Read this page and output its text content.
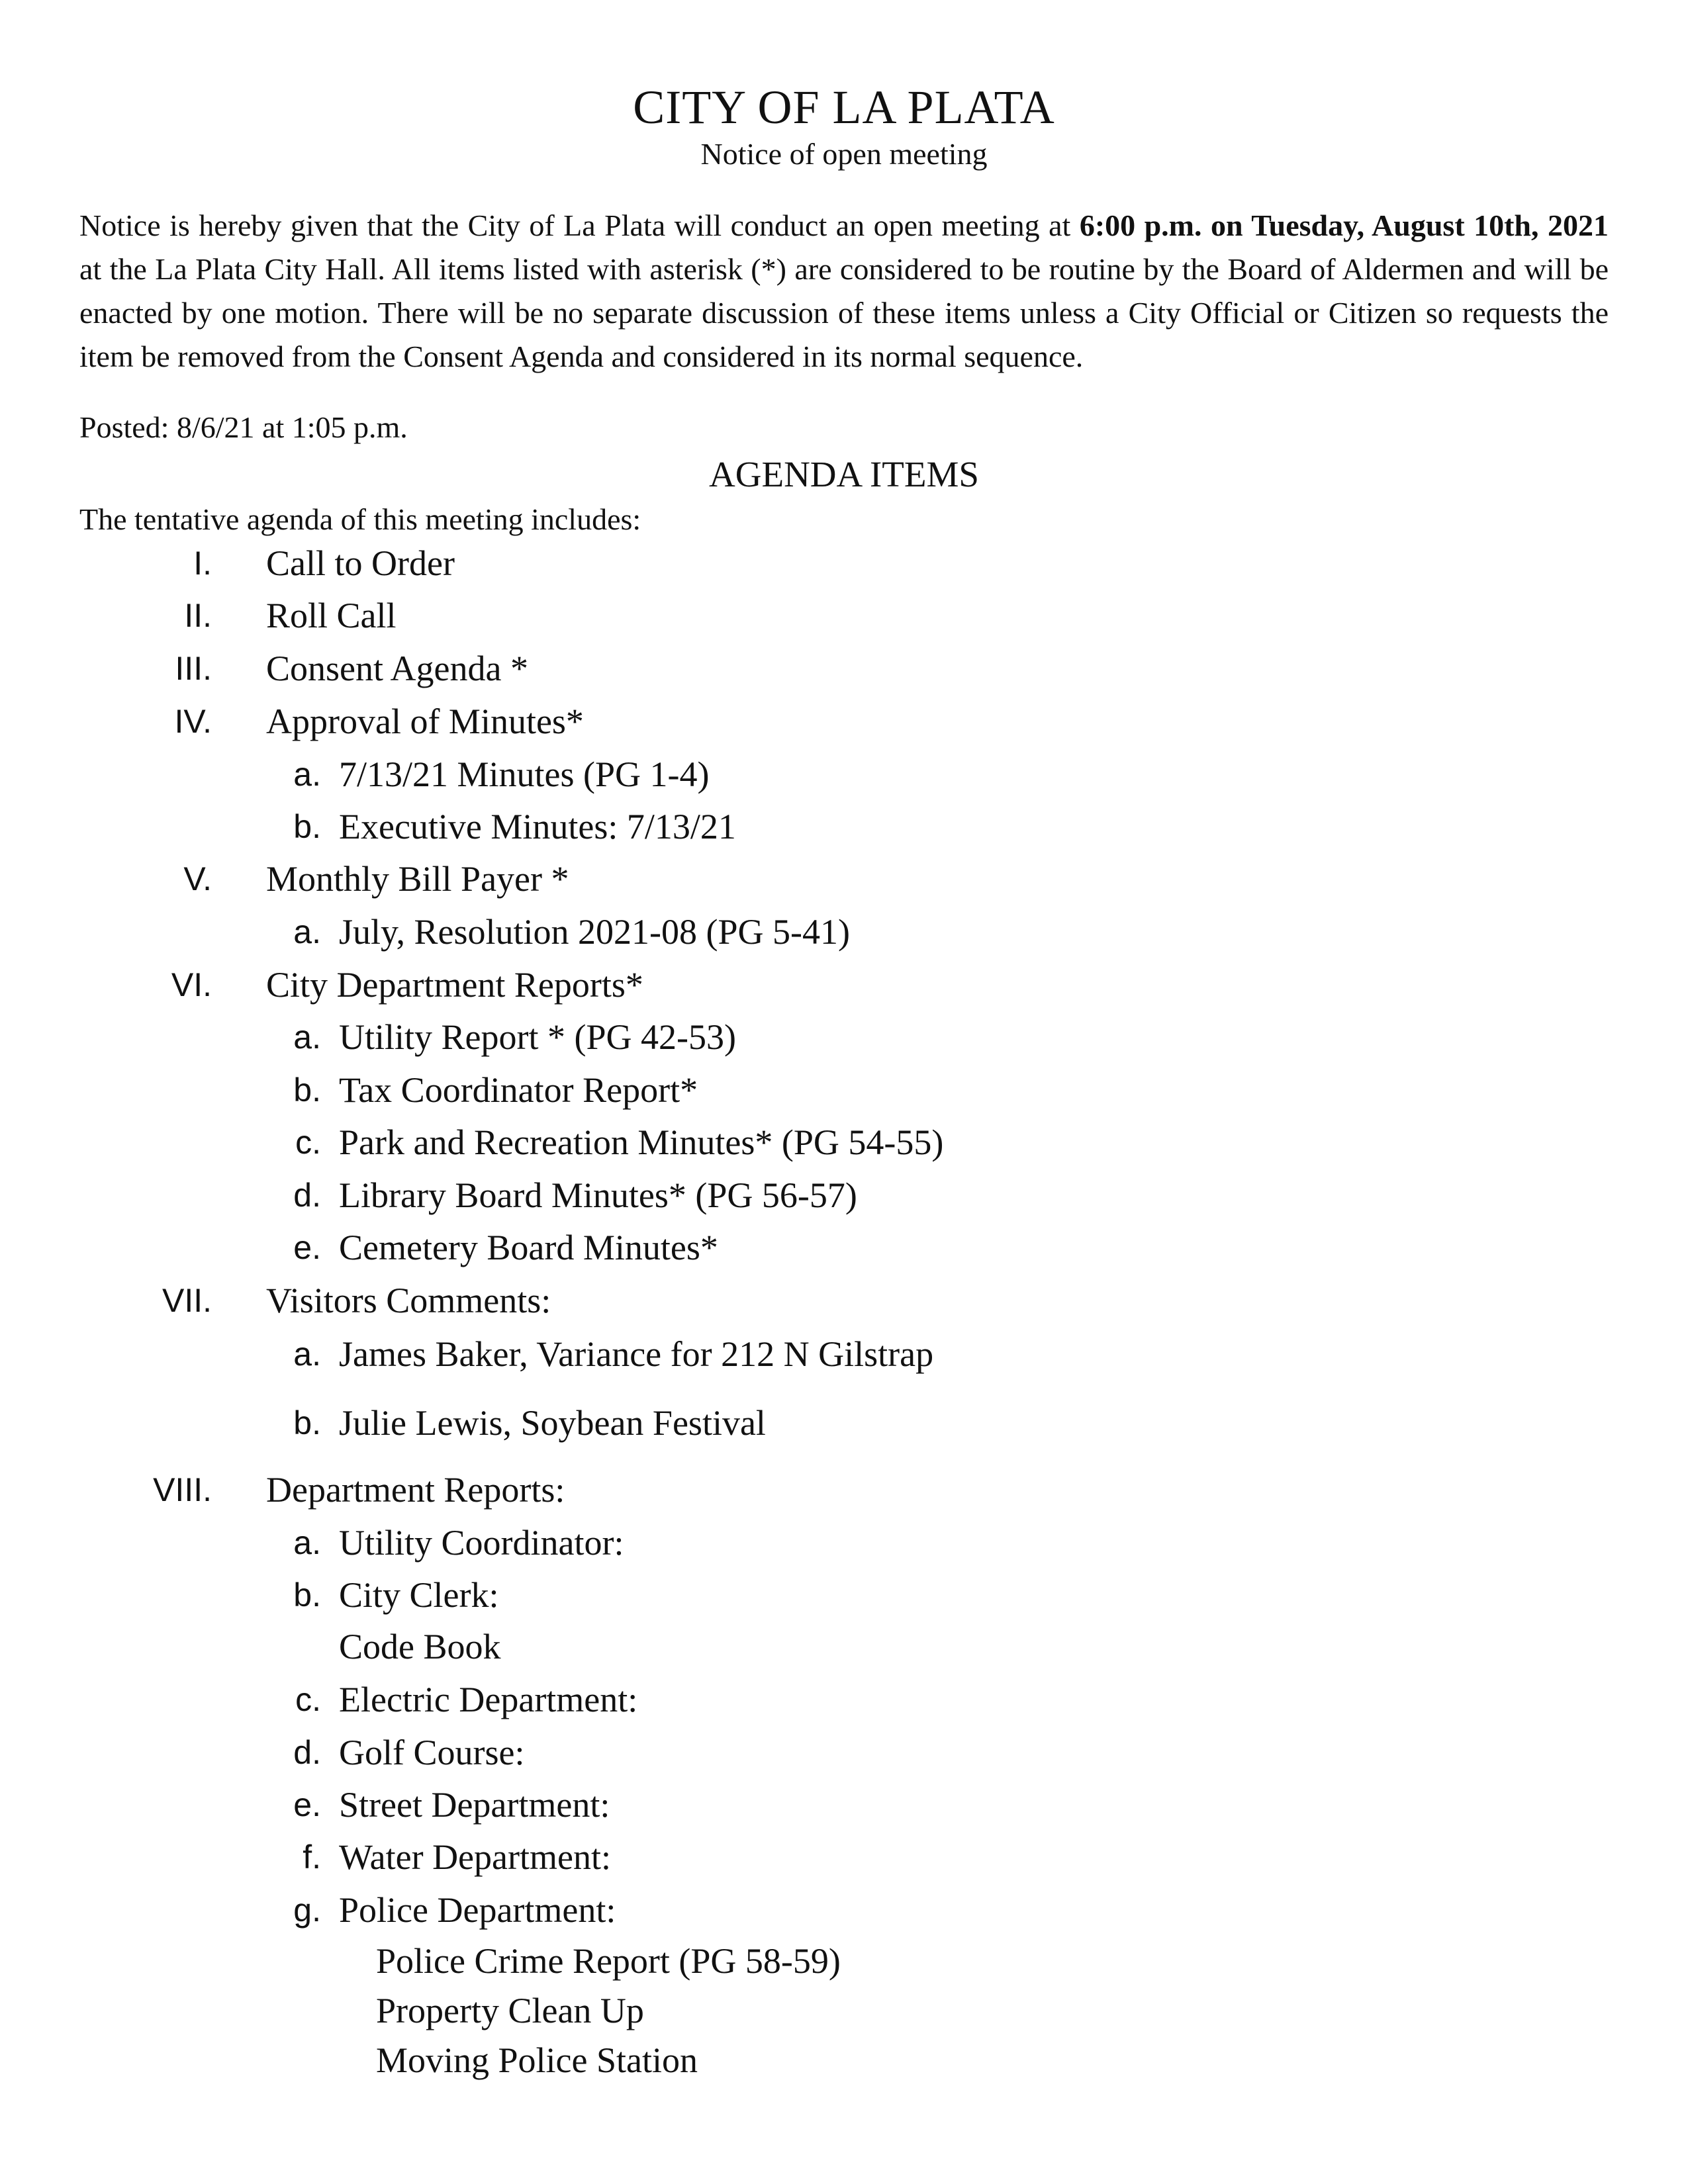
CITY OF LA PLATA
Notice of open meeting
Notice is hereby given that the City of La Plata will conduct an open meeting at 6:00 p.m. on Tuesday, August 10th, 2021 at the La Plata City Hall. All items listed with asterisk (*) are considered to be routine by the Board of Aldermen and will be enacted by one motion. There will be no separate discussion of these items unless a City Official or Citizen so requests the item be removed from the Consent Agenda and considered in its normal sequence.
Posted: 8/6/21 at 1:05 p.m.
AGENDA ITEMS
The tentative agenda of this meeting includes:
I. Call to Order
II. Roll Call
III. Consent Agenda *
IV. Approval of Minutes*
a. 7/13/21 Minutes (PG 1-4)
b. Executive Minutes: 7/13/21
V. Monthly Bill Payer *
a. July, Resolution 2021-08 (PG 5-41)
VI. City Department Reports*
a. Utility Report * (PG 42-53)
b. Tax Coordinator Report*
c. Park and Recreation Minutes* (PG 54-55)
d. Library Board Minutes* (PG 56-57)
e. Cemetery Board Minutes*
VII. Visitors Comments:
a. James Baker, Variance for 212 N Gilstrap
b. Julie Lewis, Soybean Festival
VIII. Department Reports:
a. Utility Coordinator:
b. City Clerk:
Code Book
c. Electric Department:
d. Golf Course:
e. Street Department:
f. Water Department:
g. Police Department:
Police Crime Report (PG 58-59)
Property Clean Up
Moving Police Station
